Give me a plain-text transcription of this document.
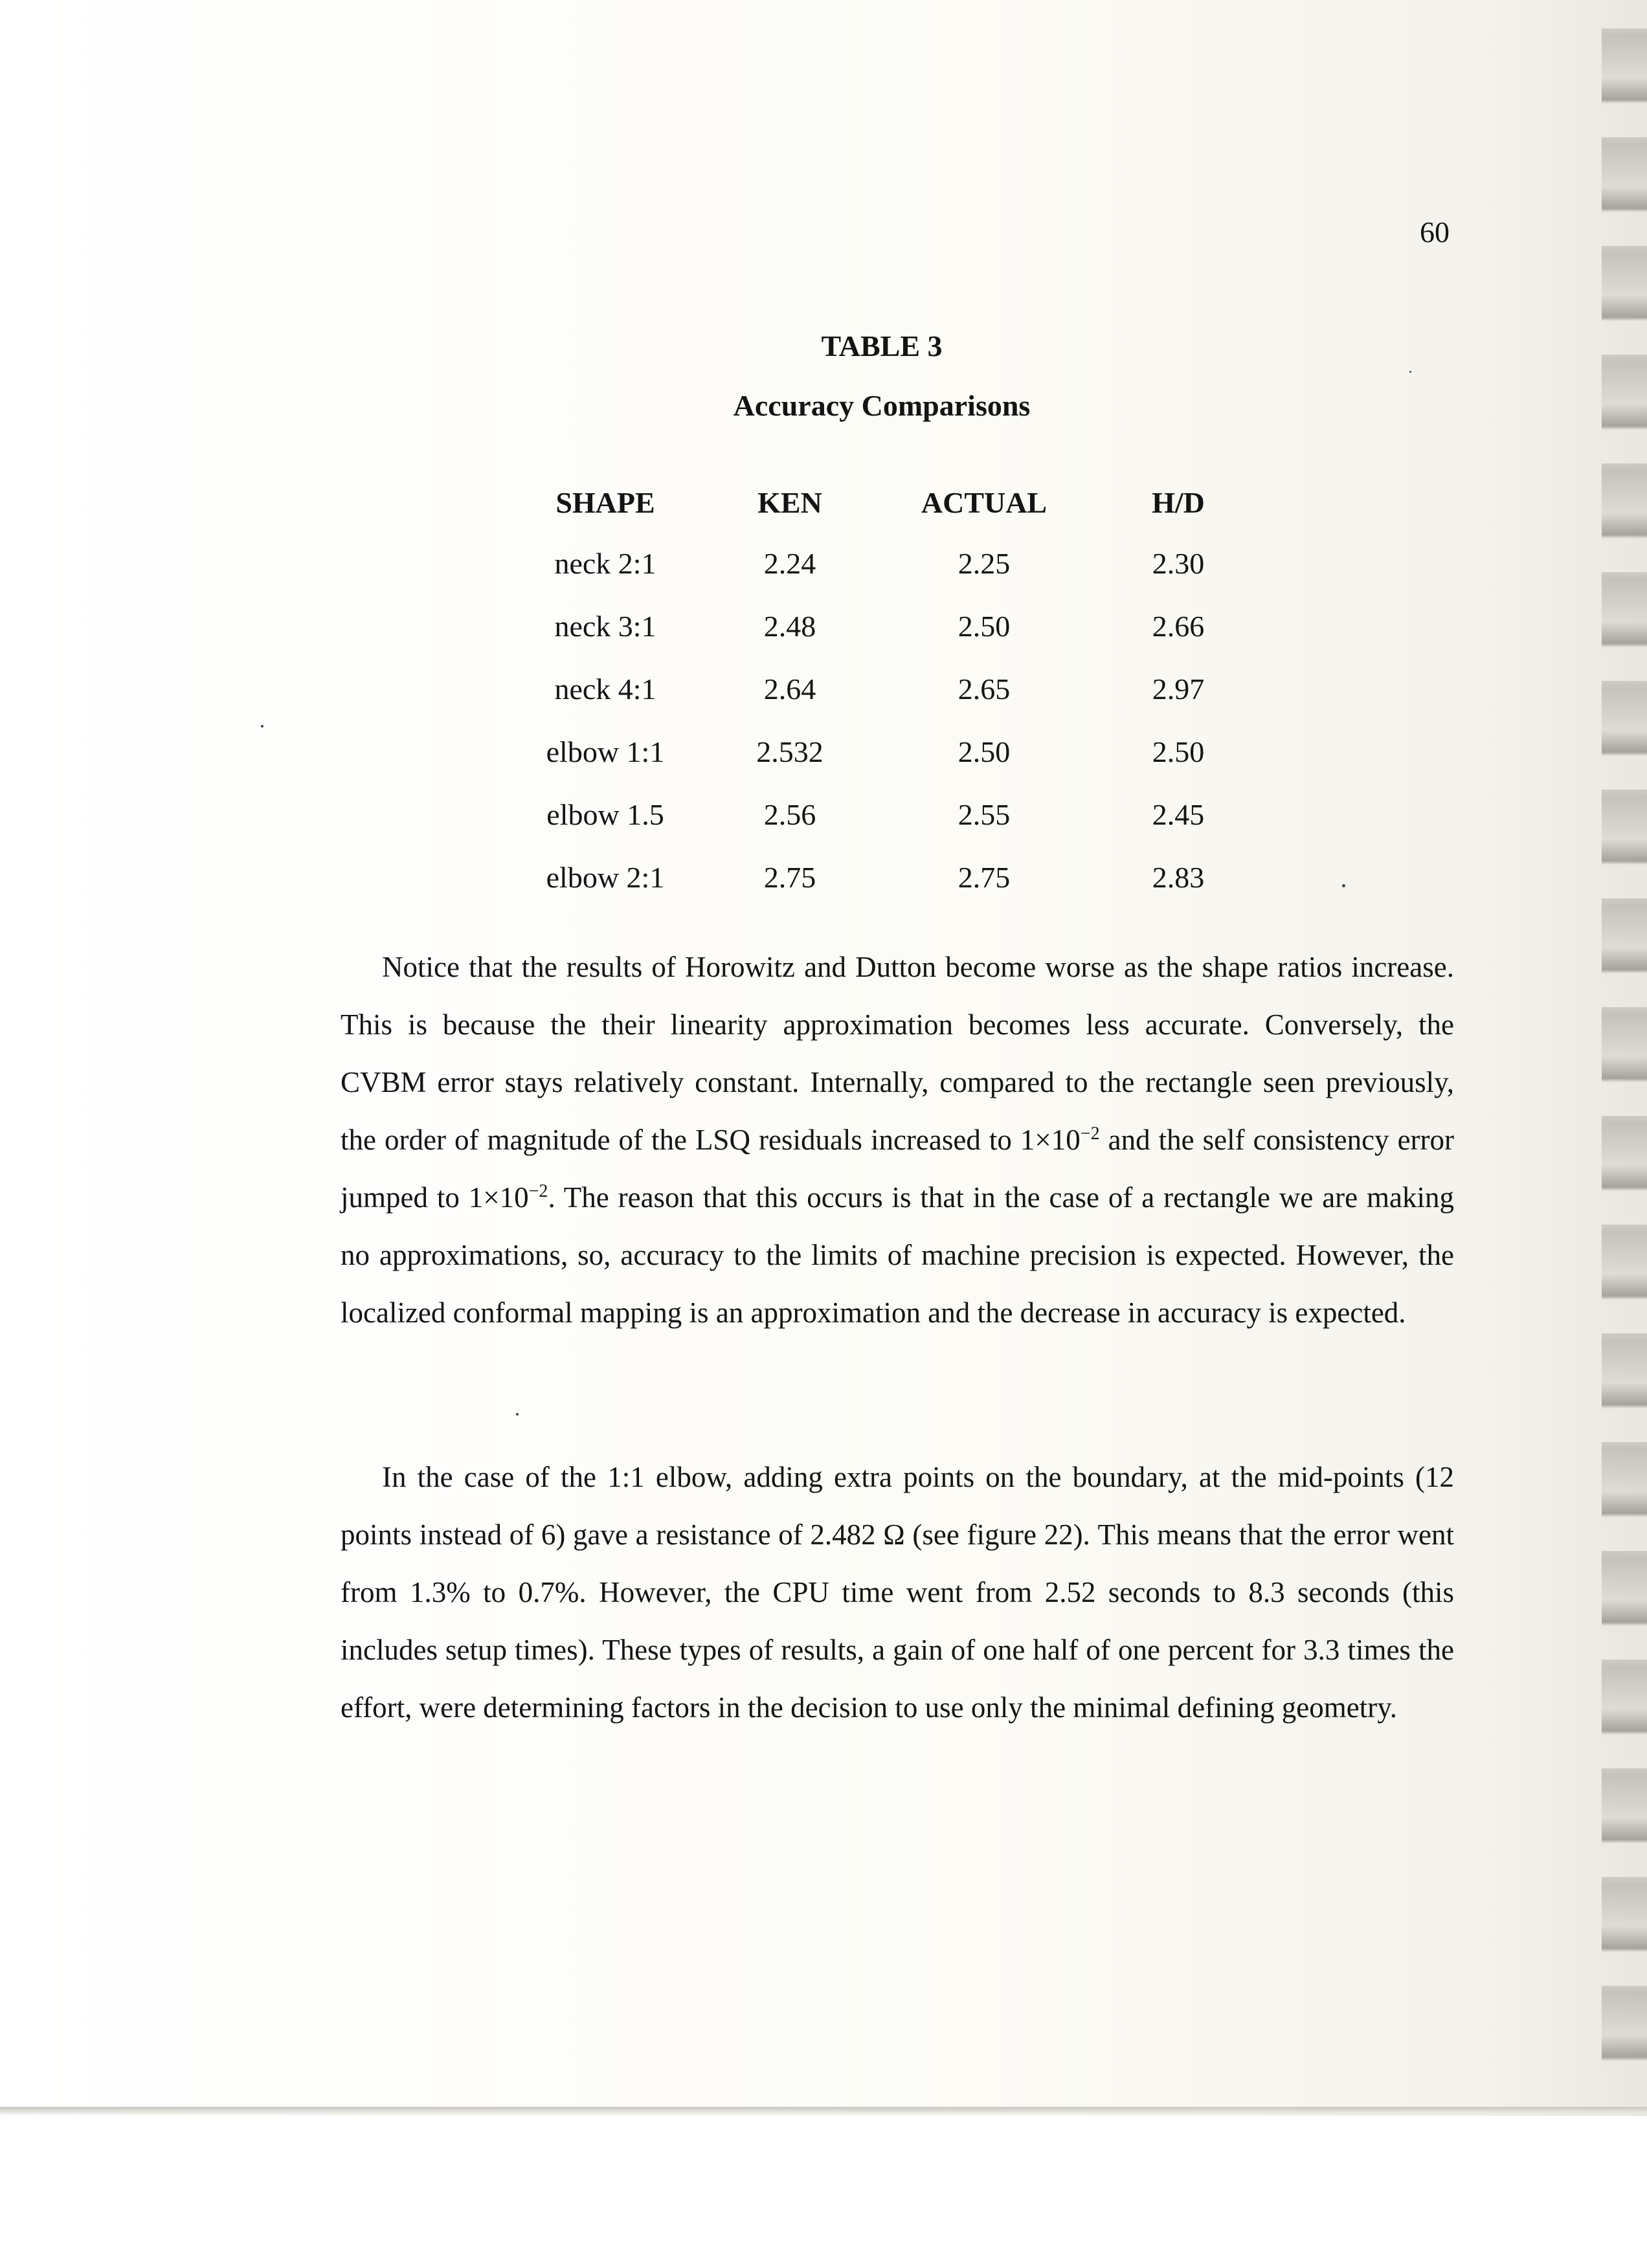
60
TABLE 3
Accuracy Comparisons
SHAPE	KEN	ACTUAL	H/D
neck 2:1	2.24	2.25	2.30
neck 3:1	2.48	2.50	2.66
neck 4:1	2.64	2.65	2.97
elbow 1:1	2.532	2.50	2.50
elbow 1.5	2.56	2.55	2.45
elbow 2:1	2.75	2.75	2.83

Notice that the results of Horowitz and Dutton become worse as the shape ratios increase. This is because the their linearity approximation becomes less accurate. Conversely, the CVBM error stays relatively constant. Internally, compared to the rectangle seen previously, the order of magnitude of the LSQ residuals increased to $1\times 10^{-2}$ and the self consistency error jumped to $1\times 10^{-2}$. The reason that this occurs is that in the case of a rectangle we are making no approximations, so, accuracy to the limits of machine precision is expected. However, the localized conformal mapping is an approximation and the decrease in accuracy is expected.

In the case of the 1:1 elbow, adding extra points on the boundary, at the mid-points (12 points instead of 6) gave a resistance of 2.482 Ω (see figure 22). This means that the error went from 1.3% to 0.7%. However, the CPU time went from 2.52 seconds to 8.3 seconds (this includes setup times). These types of results, a gain of one half of one percent for 3.3 times the effort, were determining factors in the decision to use only the minimal defining geometry.
